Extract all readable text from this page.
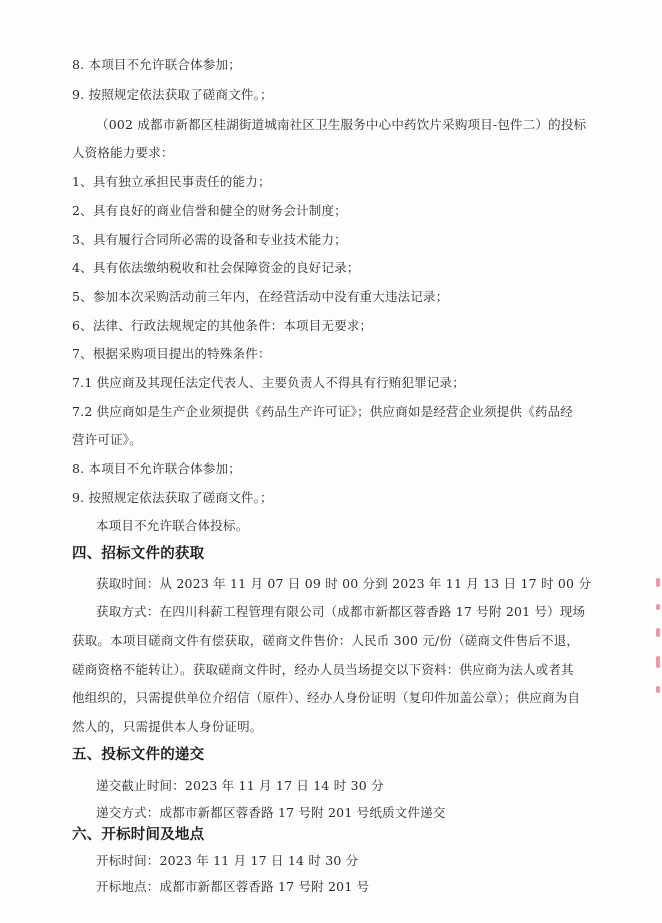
8. 本项目不允许联合体参加；
9. 按照规定依法获取了磋商文件。；
（002 成都市新都区桂湖街道城南社区卫生服务中心中药饮片采购项目-包件二）的投标
人资格能力要求：
1、具有独立承担民事责任的能力；
2、具有良好的商业信誉和健全的财务会计制度；
3、具有履行合同所必需的设备和专业技术能力；
4、具有依法缴纳税收和社会保障资金的良好记录；
5、参加本次采购活动前三年内，在经营活动中没有重大违法记录；
6、法律、行政法规规定的其他条件：本项目无要求；
7、根据采购项目提出的特殊条件：
7.1 供应商及其现任法定代表人、主要负责人不得具有行贿犯罪记录；
7.2 供应商如是生产企业须提供《药品生产许可证》；供应商如是经营企业须提供《药品经
营许可证》。
8. 本项目不允许联合体参加；
9. 按照规定依法获取了磋商文件。；
本项目不允许联合体投标。
四、招标文件的获取
获取时间：从 2023 年 11 月 07 日 09 时 00 分到 2023 年 11 月 13 日 17 时 00 分
获取方式：在四川科薪工程管理有限公司（成都市新都区蓉香路 17 号附 201 号）现场
获取。本项目磋商文件有偿获取，磋商文件售价：人民币 300 元/份（磋商文件售后不退，
磋商资格不能转让）。获取磋商文件时，经办人员当场提交以下资料：供应商为法人或者其
他组织的，只需提供单位介绍信（原件）、经办人身份证明（复印件加盖公章）；供应商为自
然人的，只需提供本人身份证明。
五、投标文件的递交
递交截止时间：2023 年 11 月 17 日 14 时 30 分
递交方式：成都市新都区蓉香路 17 号附 201 号纸质文件递交
六、开标时间及地点
开标时间：2023 年 11 月 17 日 14 时 30 分
开标地点：成都市新都区蓉香路 17 号附 201 号
